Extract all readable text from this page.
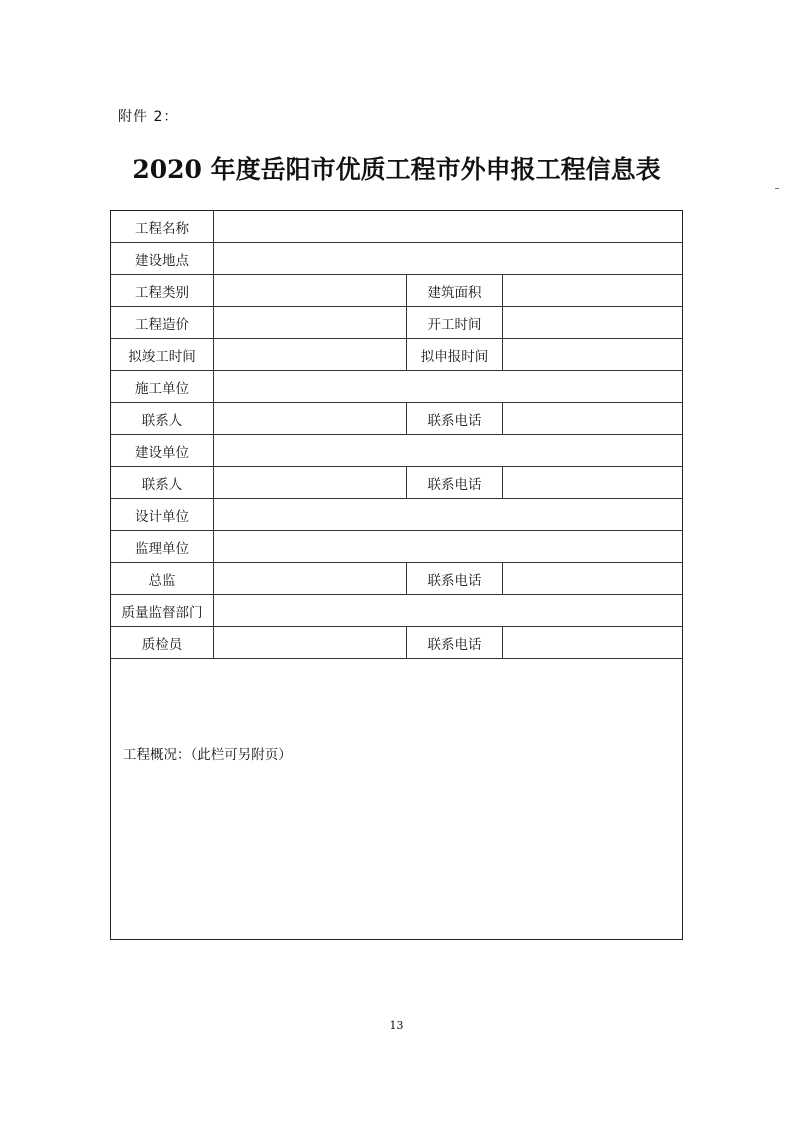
附件 2：
2020 年度岳阳市优质工程市外申报工程信息表
工程名称
建设地点
工程类别	建筑面积
工程造价	开工时间
拟竣工时间	拟申报时间
施工单位
联系人	联系电话
建设单位
联系人	联系电话
设计单位
监理单位
总监	联系电话
质量监督部门
质检员	联系电话
工程概况：（此栏可另附页）
13
